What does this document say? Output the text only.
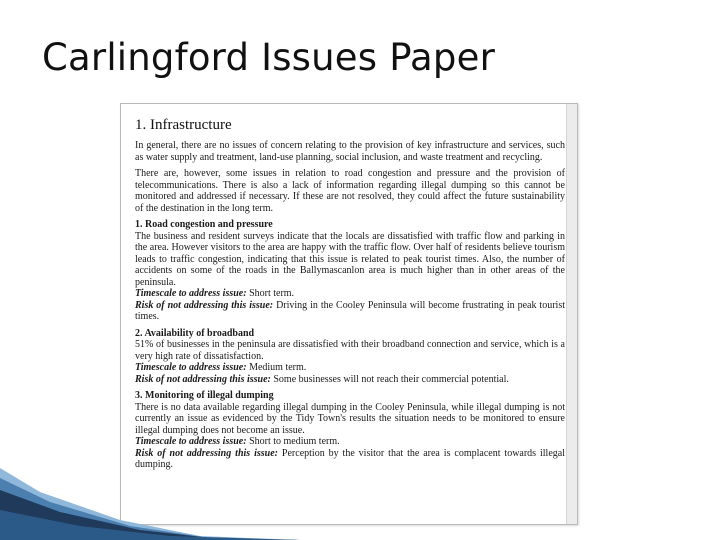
Carlingford Issues Paper
1. Infrastructure

In general, there are no issues of concern relating to the provision of key infrastructure and services, such as water supply and treatment, land-use planning, social inclusion, and waste treatment and recycling.

There are, however, some issues in relation to road congestion and pressure and the provision of telecommunications. There is also a lack of information regarding illegal dumping so this cannot be monitored and addressed if necessary. If these are not resolved, they could affect the future sustainability of the destination in the long term.

1. Road congestion and pressure
The business and resident surveys indicate that the locals are dissatisfied with traffic flow and parking in the area. However visitors to the area are happy with the traffic flow. Over half of residents believe tourism leads to traffic congestion, indicating that this issue is related to peak tourist times. Also, the number of accidents on some of the roads in the Ballymascanlon area is much higher than in other areas of the peninsula.
Timescale to address issue: Short term.
Risk of not addressing this issue: Driving in the Cooley Peninsula will become frustrating in peak tourist times.
2. Availability of broadband
51% of businesses in the peninsula are dissatisfied with their broadband connection and service, which is a very high rate of dissatisfaction.
Timescale to address issue: Medium term.
Risk of not addressing this issue: Some businesses will not reach their commercial potential.
3. Monitoring of illegal dumping
There is no data available regarding illegal dumping in the Cooley Peninsula, while illegal dumping is not currently an issue as evidenced by the Tidy Town's results the situation needs to be monitored to ensure illegal dumping does not become an issue.
Timescale to address issue: Short to medium term.
Risk of not addressing this issue: Perception by the visitor that the area is complacent towards illegal dumping.
